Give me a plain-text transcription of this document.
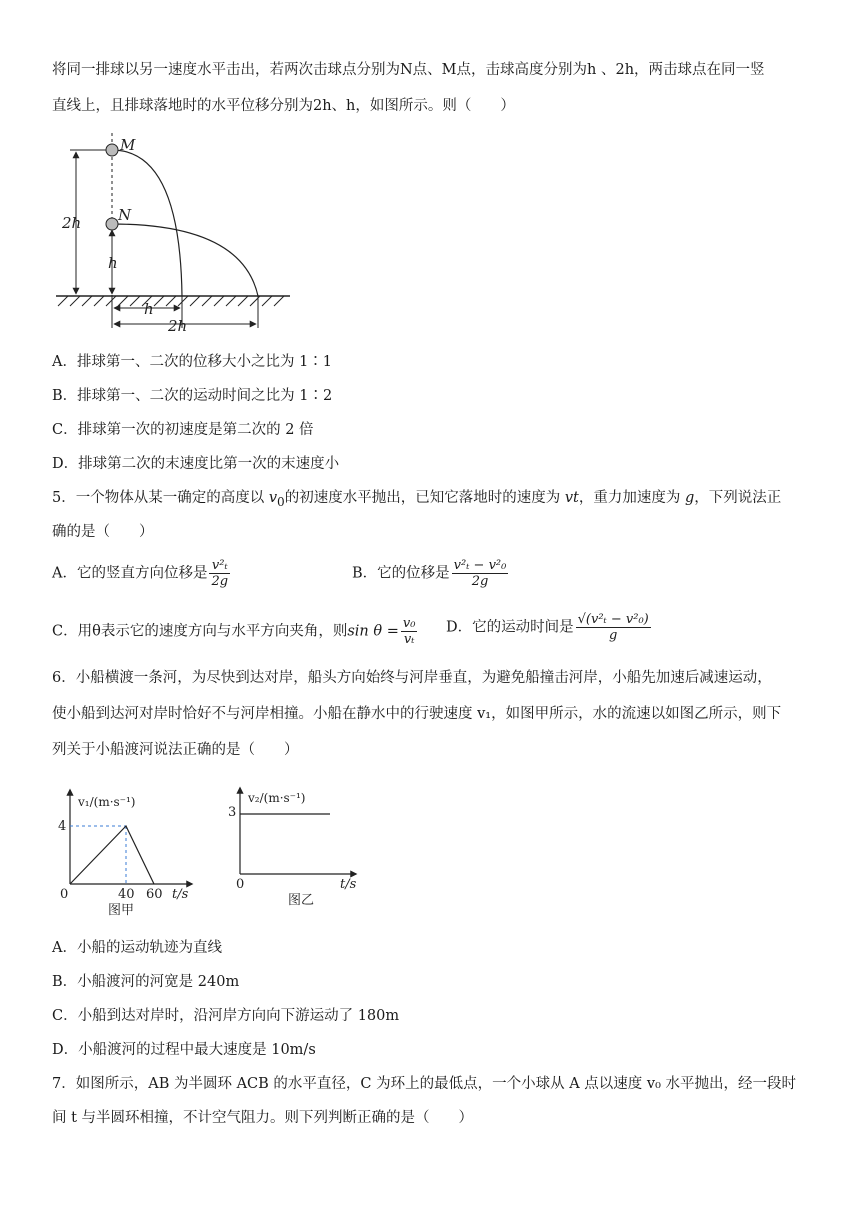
将同一排球以另一速度水平击出，若两次击球点分别为N点、M点，击球高度分别为h 、2h，两击球点在同一竖
直线上，且排球落地时的水平位移分别为2h、h，如图所示。则（　　）
2h
h
M
N
h
2h
A．排球第一、二次的位移大小之比为 1∶1
B．排球第一、二次的运动时间之比为 1∶2
C．排球第一次的初速度是第二次的 2 倍
D．排球第二次的末速度比第一次的末速度小
5．一个物体从某一确定的高度以 $v_0$的初速度水平抛出，已知它落地时的速度为 vt，重力加速度为 g，下列说法正
确的是（　　）
A．它的竖直方向位移是 $\frac{\text{v²ₜ}}{2g}$	B．它的位移是 $\frac{\text{v²ₜ − v²₀}}{2g}$
C．用θ表示它的速度方向与水平方向夹角，则$\sin \theta = \frac{\text{v₀}}{\text{vₜ}}$ D．它的运动时间是 $\frac{\text{√(v²ₜ − v²₀)}}{g}$
6．小船横渡一条河，为尽快到达对岸，船头方向始终与河岸垂直，为避免船撞击河岸，小船先加速后减速运动，
使小船到达河对岸时恰好不与河岸相撞。小船在静水中的行驶速度 v₁，如图甲所示，水的流速以如图乙所示，则下
列关于小船渡河说法正确的是（　　）
v₁/(m·s⁻¹)
t/s
4
0	40 60
图甲
v₂/(m·s⁻¹)
t/s
3
0
图乙
A．小船的运动轨迹为直线
B．小船渡河的河宽是 240m
C．小船到达对岸时，沿河岸方向向下游运动了 180m
D．小船渡河的过程中最大速度是 10m/s
7．如图所示，AB 为半圆环 ACB 的水平直径，C 为环上的最低点，一个小球从 A 点以速度 v₀ 水平抛出，经一段时
间 t 与半圆环相撞，不计空气阻力。则下列判断正确的是（　　）
